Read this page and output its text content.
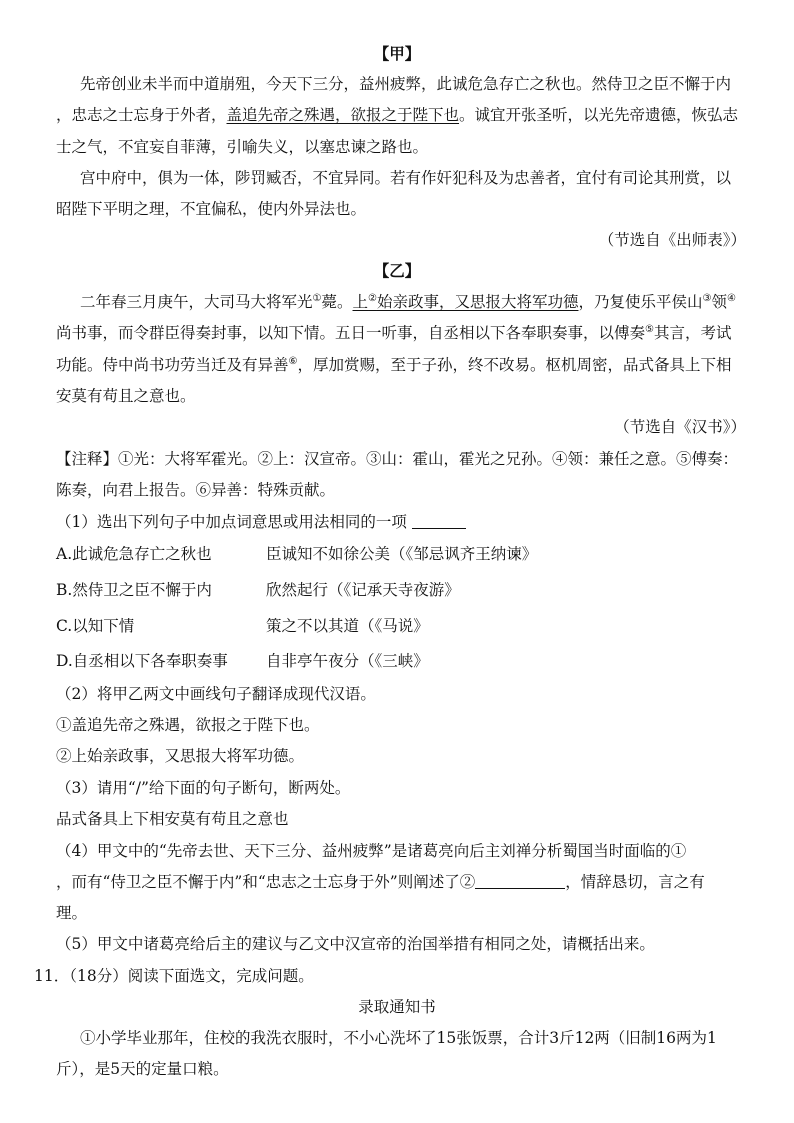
【甲】
先帝创业未半而中道崩殂，今天下三分，益州疲弊，此诚危急存亡之秋也。然侍卫之臣不懈于内
，忠志之士忘身于外者，盖追先帝之殊遇，欲报之于陛下也。诚宜开张圣听，以光先帝遗德，恢弘志
士之气，不宜妄自菲薄，引喻失义，以塞忠谏之路也。
宫中府中，俱为一体，陟罚臧否，不宜异同。若有作奸犯科及为忠善者，宜付有司论其刑赏，以
昭陛下平明之理，不宜偏私，使内外异法也。
（节选自《出师表》）
【乙】
二年春三月庚午，大司马大将军光①薨。上②始亲政事，又思报大将军功德，乃复使乐平侯山③领④
尚书事，而令群臣得奏封事，以知下情。五日一听事，自丞相以下各奉职奏事，以傅奏⑤其言，考试
功能。侍中尚书功劳当迁及有异善⑥，厚加赏赐，至于子孙，终不改易。枢机周密，品式备具上下相
安莫有苟且之意也。
（节选自《汉书》）
【注释】①光：大将军霍光。②上：汉宣帝。③山：霍山，霍光之兄孙。④领：兼任之意。⑤傅奏：
陈奏，向君上报告。⑥异善：特殊贡献。
（1）选出下列句子中加点词意思或用法相同的一项
A.此诚危急存亡之秋也	臣诚知不如徐公美（《邹忌讽齐王纳谏》
B.然侍卫之臣不懈于内	欣然起行（《记承天寺夜游》
C.以知下情	策之不以其道（《马说》
D.自丞相以下各奉职奏事 自非亭午夜分（《三峡》
（2）将甲乙两文中画线句子翻译成现代汉语。
①盖追先帝之殊遇，欲报之于陛下也。
②上始亲政事，又思报大将军功德。
（3）请用“/”给下面的句子断句，断两处。
品式备具上下相安莫有苟且之意也
（4）甲文中的“先帝去世、天下三分、益州疲弊”是诸葛亮向后主刘禅分析蜀国当时面临的①
，而有“侍卫之臣不懈于内”和“忠志之士忘身于外”则阐述了②	，情辞恳切，言之有
理。
（5）甲文中诸葛亮给后主的建议与乙文中汉宣帝的治国举措有相同之处，请概括出来。
11．（18分）阅读下面选文，完成问题。
录取通知书
①小学毕业那年，住校的我洗衣服时，不小心洗坏了15张饭票，合计3斤12两（旧制16两为1
斤），是5天的定量口粮。
